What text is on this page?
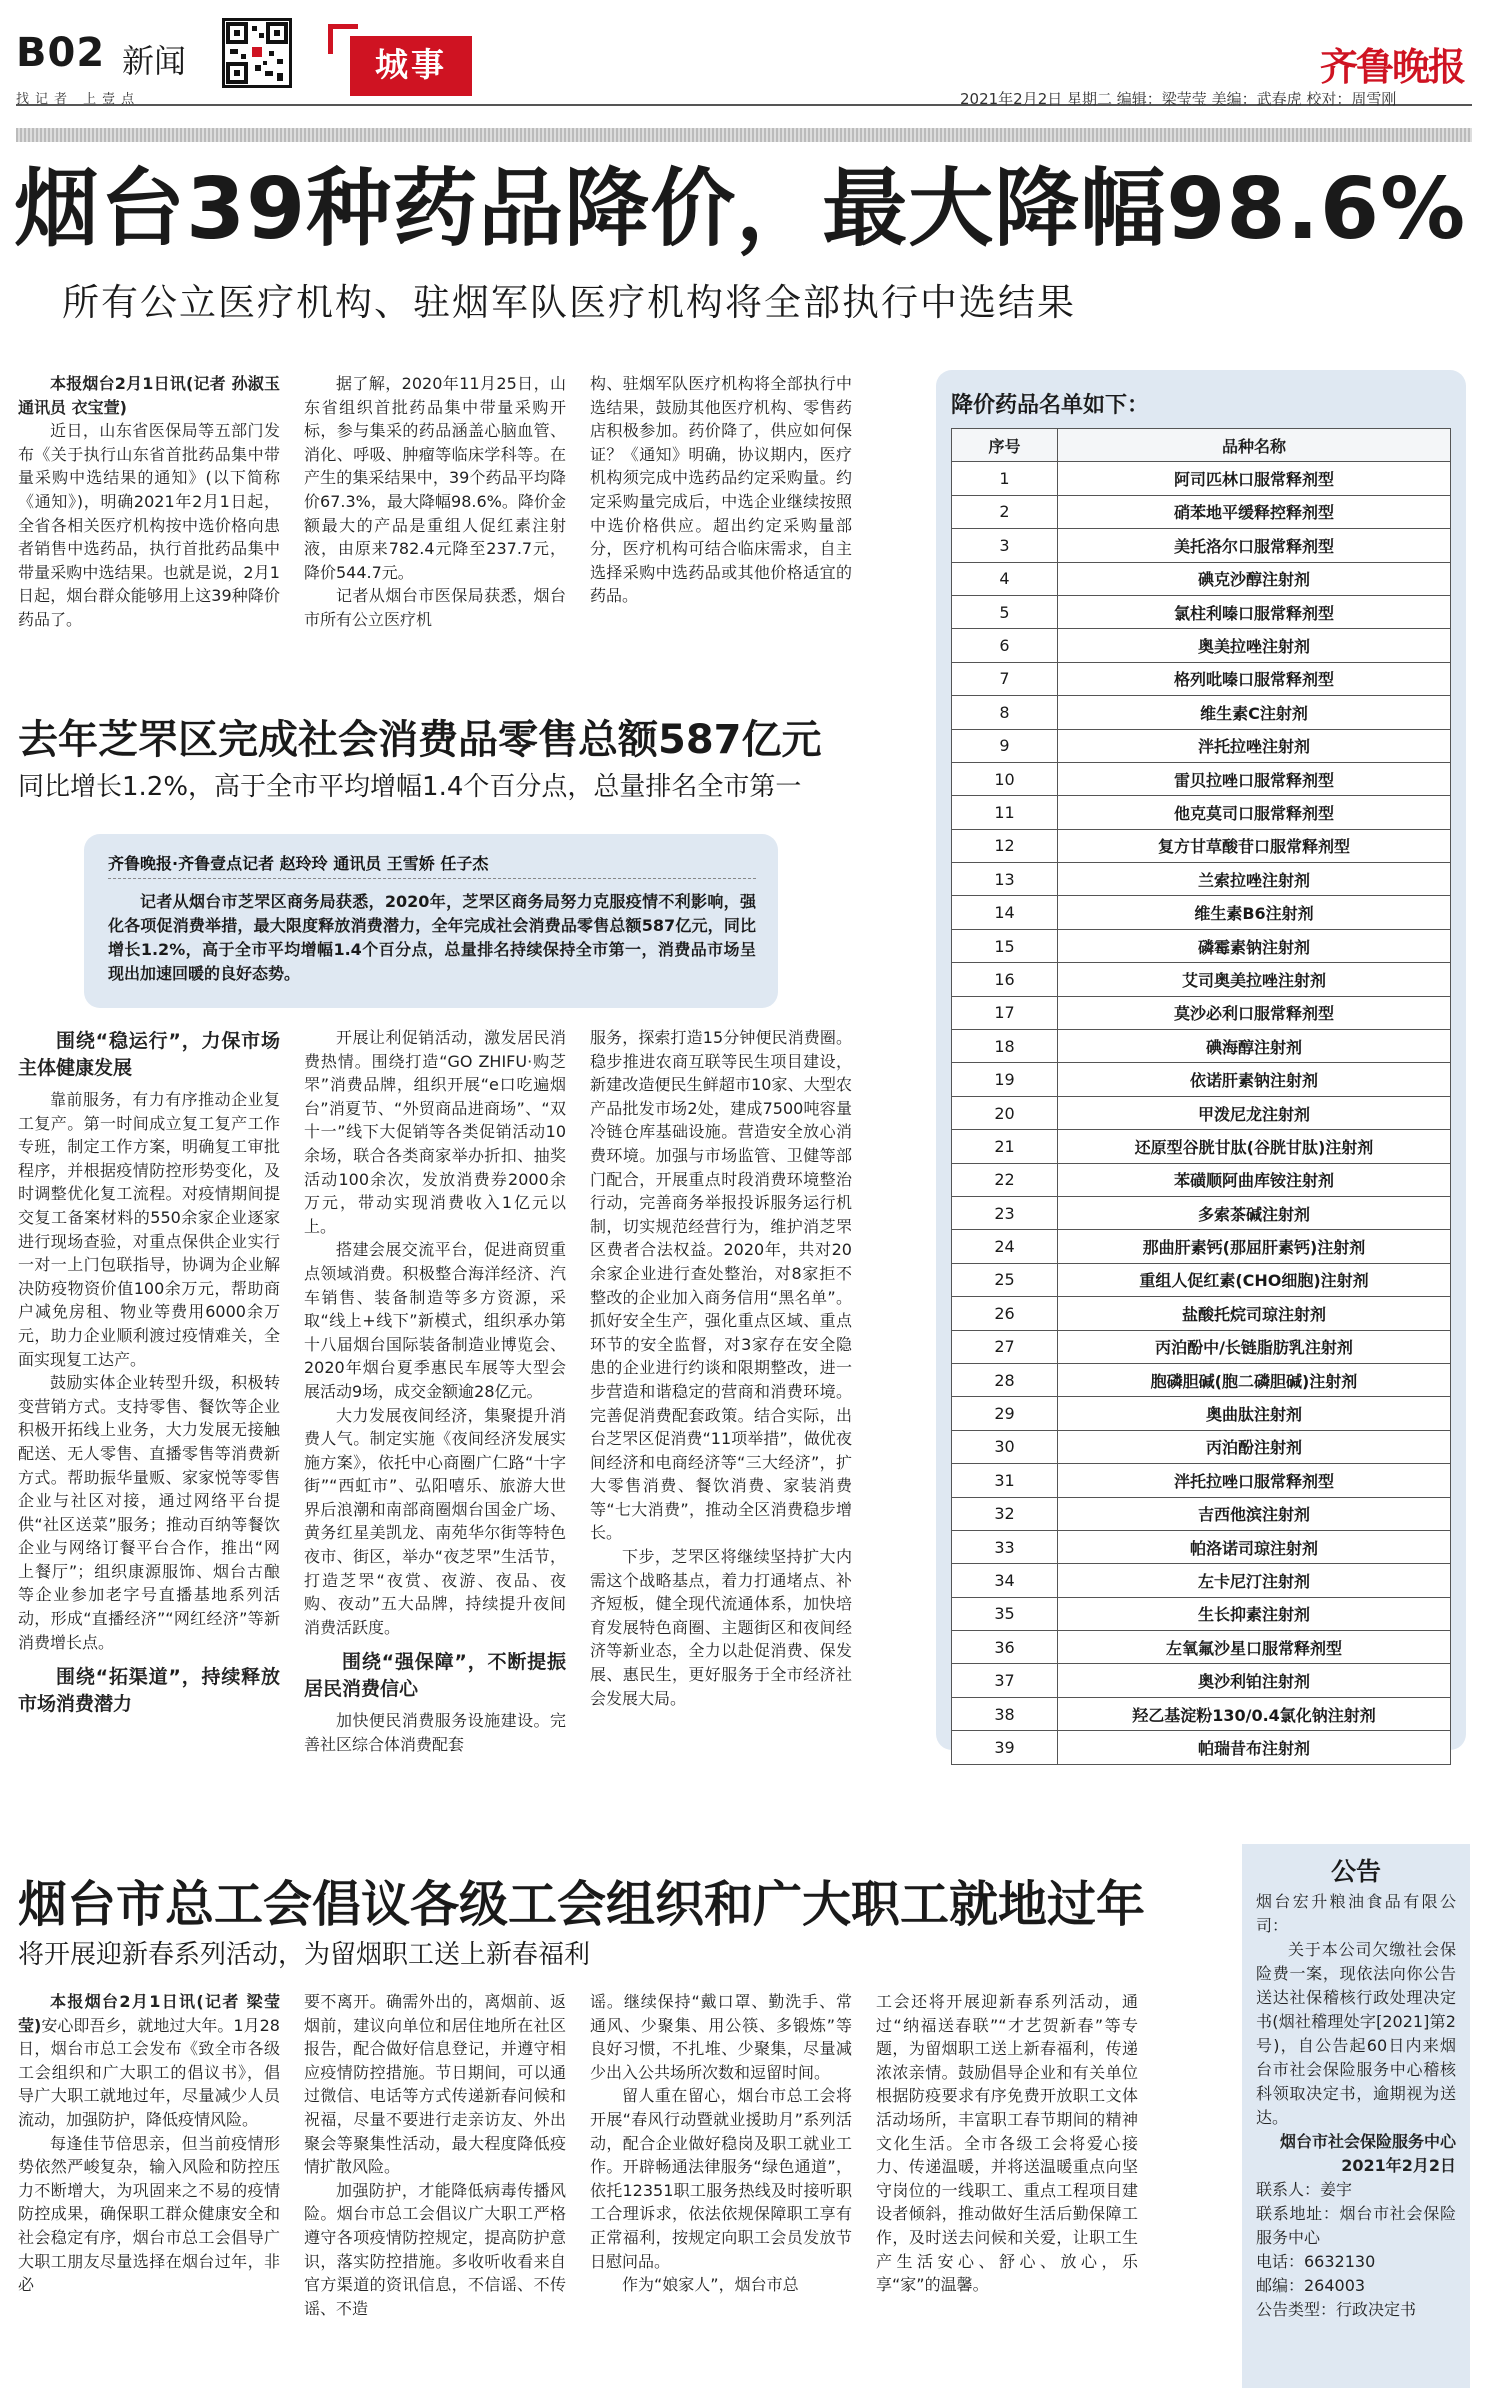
B02 新闻
找记者 上壹点
城事	齐鲁晚报
2021年2月2日 星期二 编辑：梁莹莹 美编：武春虎 校对：周雪刚
烟台39种药品降价，最大降幅98.6%
所有公立医疗机构、驻烟军队医疗机构将全部执行中选结果

本报烟台2月1日讯(记者 孙淑玉 通讯员 衣宝萱)

近日，山东省医保局等五部门发布《关于执行山东省首批药品集中带量采购中选结果的通知》(以下简称《通知》)，明确2021年2月1日起，全省各相关医疗机构按中选价格向患者销售中选药品，执行首批药品集中带量采购中选结果。也就是说，2月1日起，烟台群众能够用上这39种降价药品了。

据了解，2020年11月25日，山东省组织首批药品集中带量采购开标，参与集采的药品涵盖心脑血管、消化、呼吸、肿瘤等临床学科等。在产生的集采结果中，39个药品平均降价67.3%，最大降幅98.6%。降价金额最大的产品是重组人促红素注射液，由原来782.4元降至237.7元，降价544.7元。

记者从烟台市医保局获悉，烟台市所有公立医疗机

构、驻烟军队医疗机构将全部执行中选结果，鼓励其他医疗机构、零售药店积极参加。药价降了，供应如何保证？《通知》明确，协议期内，医疗机构须完成中选药品约定采购量。约定采购量完成后，中选企业继续按照中选价格供应。超出约定采购量部分，医疗机构可结合临床需求，自主选择采购中选药品或其他价格适宜的药品。

降价药品名单如下：
序号	品种名称
1	阿司匹林口服常释剂型
2	硝苯地平缓释控释剂型
3	美托洛尔口服常释剂型
4	碘克沙醇注射剂
5	氯柱利嗪口服常释剂型
6	奥美拉唑注射剂
7	格列吡嗪口服常释剂型
8	维生素C注射剂
9	泮托拉唑注射剂
10	雷贝拉唑口服常释剂型
11	他克莫司口服常释剂型
12	复方甘草酸苷口服常释剂型
13	兰索拉唑注射剂
14	维生素B6注射剂
15	磷霉素钠注射剂
16	艾司奥美拉唑注射剂
17	莫沙必利口服常释剂型
18	碘海醇注射剂
19	依诺肝素钠注射剂
20	甲泼尼龙注射剂
21	还原型谷胱甘肽(谷胱甘肽)注射剂
22	苯磺顺阿曲库铵注射剂
23	多索茶碱注射剂
24	那曲肝素钙(那屈肝素钙)注射剂
25	重组人促红素(CHO细胞)注射剂
26	盐酸托烷司琼注射剂
27	丙泊酚中/长链脂肪乳注射剂
28	胞磷胆碱(胞二磷胆碱)注射剂
29	奥曲肽注射剂
30	丙泊酚注射剂
31	泮托拉唑口服常释剂型
32	吉西他滨注射剂
33	帕洛诺司琼注射剂
34	左卡尼汀注射剂
35	生长抑素注射剂
36	左氧氟沙星口服常释剂型
37	奥沙利铂注射剂
38	羟乙基淀粉130/0.4氯化钠注射剂
39	帕瑞昔布注射剂
去年芝罘区完成社会消费品零售总额587亿元
同比增长1.2%，高于全市平均增幅1.4个百分点，总量排名全市第一
齐鲁晚报·齐鲁壹点记者 赵玲玲 通讯员 王雪娇 任子杰
记者从烟台市芝罘区商务局获悉，2020年，芝罘区商务局努力克服疫情不利影响，强化各项促消费举措，最大限度释放消费潜力，全年完成社会消费品零售总额587亿元，同比增长1.2%，高于全市平均增幅1.4个百分点，总量排名持续保持全市第一，消费品市场呈现出加速回暖的良好态势。
围绕“稳运行”，力保市场主体健康发展

靠前服务，有力有序推动企业复工复产。第一时间成立复工复产工作专班，制定工作方案，明确复工审批程序，并根据疫情防控形势变化，及时调整优化复工流程。对疫情期间提交复工备案材料的550余家企业逐家进行现场查验，对重点保供企业实行一对一上门包联指导，协调为企业解决防疫物资价值100余万元，帮助商户减免房租、物业等费用6000余万元，助力企业顺利渡过疫情难关，全面实现复工达产。

鼓励实体企业转型升级，积极转变营销方式。支持零售、餐饮等企业积极开拓线上业务，大力发展无接触配送、无人零售、直播零售等消费新方式。帮助振华量贩、家家悦等零售企业与社区对接，通过网络平台提供“社区送菜”服务；推动百纳等餐饮企业与网络订餐平台合作，推出“网上餐厅”；组织康源服饰、烟台古酿等企业参加老字号直播基地系列活动，形成“直播经济”“网红经济”等新消费增长点。

围绕“拓渠道”，持续释放市场消费潜力

开展让利促销活动，激发居民消费热情。围绕打造“GO ZHIFU·购芝罘”消费品牌，组织开展“e口吃遍烟台”消夏节、“外贸商品进商场”、“双十一”线下大促销等各类促销活动10余场，联合各类商家举办折扣、抽奖活动100余次，发放消费券2000余万元，带动实现消费收入1亿元以上。

搭建会展交流平台，促进商贸重点领域消费。积极整合海洋经济、汽车销售、装备制造等多方资源，采取“线上+线下”新模式，组织承办第十八届烟台国际装备制造业博览会、2020年烟台夏季惠民车展等大型会展活动9场，成交金额逾28亿元。

大力发展夜间经济，集聚提升消费人气。制定实施《夜间经济发展实施方案》，依托中心商圈广仁路“十字街”“西虹市”、弘阳嘻乐、旅游大世界后浪潮和南部商圈烟台国金广场、黄务红星美凯龙、南苑华尔街等特色夜市、街区，举办“夜芝罘”生活节，打造芝罘“夜赏、夜游、夜品、夜购、夜动”五大品牌，持续提升夜间消费活跃度。

围绕“强保障”，不断提振居民消费信心

加快便民消费服务设施建设。完善社区综合体消费配套

服务，探索打造15分钟便民消费圈。稳步推进农商互联等民生项目建设，新建改造便民生鲜超市10家、大型农产品批发市场2处，建成7500吨容量冷链仓库基础设施。营造安全放心消费环境。加强与市场监管、卫健等部门配合，开展重点时段消费环境整治行动，完善商务举报投诉服务运行机制，切实规范经营行为，维护消芝罘区费者合法权益。2020年，共对20余家企业进行查处整治，对8家拒不整改的企业加入商务信用“黑名单”。抓好安全生产，强化重点区域、重点环节的安全监督，对3家存在安全隐患的企业进行约谈和限期整改，进一步营造和谐稳定的营商和消费环境。完善促消费配套政策。结合实际，出台芝罘区促消费“11项举措”，做优夜间经济和电商经济等“三大经济”，扩大零售消费、餐饮消费、家装消费等“七大消费”，推动全区消费稳步增长。

下步，芝罘区将继续坚持扩大内需这个战略基点，着力打通堵点、补齐短板，健全现代流通体系，加快培育发展特色商圈、主题街区和夜间经济等新业态，全力以赴促消费、保发展、惠民生，更好服务于全市经济社会发展大局。

烟台市总工会倡议各级工会组织和广大职工就地过年
将开展迎新春系列活动，为留烟职工送上新春福利

本报烟台2月1日讯(记者 梁莹莹)安心即吾乡，就地过大年。1月28日，烟台市总工会发布《致全市各级工会组织和广大职工的倡议书》，倡导广大职工就地过年，尽量减少人员流动，加强防护，降低疫情风险。

每逢佳节倍思亲，但当前疫情形势依然严峻复杂，输入风险和防控压力不断增大，为巩固来之不易的疫情防控成果，确保职工群众健康安全和社会稳定有序，烟台市总工会倡导广大职工朋友尽量选择在烟台过年，非必

要不离开。确需外出的，离烟前、返烟前，建议向单位和居住地所在社区报告，配合做好信息登记，并遵守相应疫情防控措施。节日期间，可以通过微信、电话等方式传递新春问候和祝福，尽量不要进行走亲访友、外出聚会等聚集性活动，最大程度降低疫情扩散风险。

加强防护，才能降低病毒传播风险。烟台市总工会倡议广大职工严格遵守各项疫情防控规定，提高防护意识，落实防控措施。多收听收看来自官方渠道的资讯信息，不信谣、不传谣、不造

谣。继续保持“戴口罩、勤洗手、常通风、少聚集、用公筷、多锻炼”等良好习惯，不扎堆、少聚集，尽量减少出入公共场所次数和逗留时间。

留人重在留心，烟台市总工会将开展“春风行动暨就业援助月”系列活动，配合企业做好稳岗及职工就业工作。开辟畅通法律服务“绿色通道”，依托12351职工服务热线及时接听职工合理诉求，依法依规保障职工享有正常福利，按规定向职工会员发放节日慰问品。

作为“娘家人”，烟台市总

工会还将开展迎新春系列活动，通过“纳福送春联”“才艺贺新春”等专题，为留烟职工送上新春福利，传递浓浓亲情。鼓励倡导企业和有关单位根据防疫要求有序免费开放职工文体活动场所，丰富职工春节期间的精神文化生活。全市各级工会将爱心接力、传递温暖，并将送温暖重点向坚守岗位的一线职工、重点工程项目建设者倾斜，推动做好生活后勤保障工作，及时送去问候和关爱，让职工生产生活安心、舒心、放心，乐享“家”的温馨。

公告

烟台宏升粮油食品有限公司：

关于本公司欠缴社会保险费一案，现依法向你公告送达社保稽核行政处理决定书(烟社稽理处字[2021]第2号)，自公告起60日内来烟台市社会保险服务中心稽核科领取决定书，逾期视为送达。

烟台市社会保险服务中心

2021年2月2日

联系人：姜宇

联系地址：烟台市社会保险服务中心

电话：6632130

邮编：264003

公告类型：行政决定书
